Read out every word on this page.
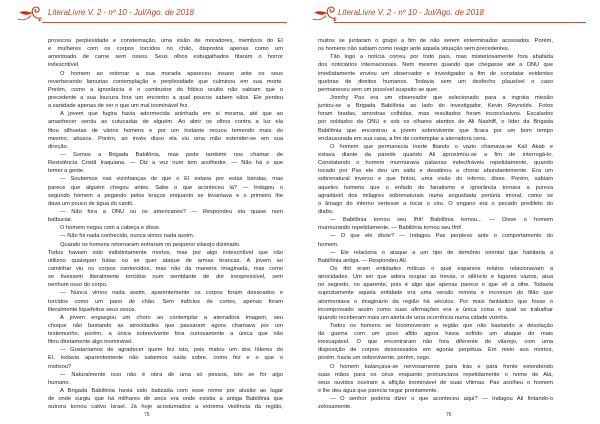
LiteraLivre V. 2 - nº 10 - Jul/Ago. de 2018
provocou perplexidade e consternação, uma visão de moradores, membros do EI
e mulheres com os corpos torcidos no chão, dispostos apenas como um
amontoado de carne sem ossos. Seus olhos esbugalhados fitaram o horror
indescritível.
O homem ao retornar a sua morada apareceu insano ante os seus
reverberando lamurias contemplação e perplexidade que culminou em sua morte.
Porém, como a ignorância é o combustor do fóbico oculto não sabiam que o
precedente a sua loucura fora um encontro a qual poucos sabem sãos. Ele perdeu
a sanidade apenas de ver o que um mal inominável fez.
A jovem que fugira havia adormecida aninhada em si mesma, até que ao
amanhecer sentiu as cutucadas de alguém. Ao abrir os olhos contra a luz ela
fitou silhuetas de vários homens e por um instante recuou temendo mais do
mesmo, abusos. Porém, ao invés disso ela viu uma mão estender-se em sua
direção.
— Somos a Brigada Babilônia, mas pode também nos chamar de
Resistência Cristã Iraquiana. — Diz a voz num tom acolhedor. — Não há o que
temer a gente.
— Soubemos nas vizinhanças de que o EI estava por estas bandas, mas
parece que alguém chegou antes. Sabe o que aconteceu lá? — Indagou o
segundo homem a pegando pelos braços enquanto se levantava e o primeiro lhe
dava um pouco de água do cantil.
— Não fora a ONU ou os americanos? — Respondeu ela quase num
balbuciar.
O homem negou com a cabeça e disse.
— Não foi nada conhecido, nunca vimos nada assim.
Quando os homens retornaram entraram no pequeno vilarejo dizimado.
Todos haviam sido indistintamente mortos, mas por algo indescritível que não
utilizou quaisquer balas ou se quer ataque de armas brancas. A jovem ao
caminhar viu os corpos contorcidos, mas não da maneira imaginada, mas como
se tivessem literalmente torcidos num semblante de dor inexpressível, sem
nenhum osso do corpo.
— Nunca vimos nada assim, aparentemente os corpos foram dessoados e
torcidos como um pano de chão. Sem indícios de cortes, apenas foram
literalmente liquefeitos seus ossos.
A jovem engasgou um choro ao contemplar a aterradora imagem, seu
choque não bastando as atrocidades que passaram agora chamava por um
testemunho, porém, a única sobrevivente fora curiosamente a única que não
fitou diretamente algo inominável.
— Gostaríamos de agradecer quem fez isto, pois matou um dos líderes do
EI, todavia aparentemente não sabemos nada sobre, como fez e o que o
motivou?
— Naturalmente isso não é obra de uma só pessoa, isto se for algo
humano.
A Brigada Babilônia havia sido batizada com esse nome por alusão ao lugar
de onde surgiu que há milhares de anos era onde existia a antiga Babilônia que
outrora tornou cativo Israel. Já hoje acostumados a extrema violência da região,
75
LiteraLivre V. 2 - nº 10 - Jul/Ago. de 2018
muitos se juntaram o grupo a fim de não serem exterminados acossados. Porém,
os homens não sabiam como reagir ante aquela situação sem precedentes.
Tão logo a notícia correu por todo país, mas misteriosamente fora abafada
dos noticiários internacionais. Nem mesmo quando que chegasse até a ONU que
imediatamente enviou um observador e investigador a fim de constatar evidentes
quebras de direitos humanos. Todavia sem um desfecho plausível o caso
permaneceu sem um possível suspeito se quer.
Jonnhy Pax era um observador que selecionado para a ingrata missão
juntou-se a Brigada Babilônia ao lado do investigador, Kevin Reynolds. Fotos
foram tiradas, amostras colhidas, mas resultados foram inconclusivos. Escalados
por soldados da ONU e sob os olhares atentos de Ali Nashiff, o líder da Brigada
Babilônia que encontrou a jovem sobrevivente que ficara por um bom tempo
enclausurada em sua casa, a fim de contemplar a aterradora cena.
O homem que permanecia inerte fitando o vazio chamava-se Kali Akab e
estava diante da parede quando Ali aproximou-se a fim de interrogá-lo.
Constatando o homem murmurava palavras indecifráveis repetidamente, quando
tocado por Pax ele deu um salto e desatinou a chorar abundantemente. Era um
sobrenatural inverso e que fintou, uma visão do inferno, disse. Porém, sabiam
aqueles homens que o enfado do fanatismo e ignorância tornara a pureza
agradável dos milagres sobrenaturais numa angustiada penúria imoral, como se
o âmago do inferno vertesse a tocar o céu. O engano era o pecado predileto do
diabo.
— Babilônia tornou seu Ifrit! Babilônia tornou... — Disse o homem
murmurando repetidamente. — Babilônia tornou seu Ifrit!
— O que ele disse? — Indagou Pax perplexo ante o comportamento do
homem.
— Ele relaciona o ataque a um tipo de demônio oriental que habitaria a
Babilônia antiga. — Respondeu Ali.
Os ifrit eram entidades míticas o qual esparsos relatos relacionavam a
atrocidades. Um ser que adora ocupar as trevas, o silêncio e lugares vazios, atua
no segredo, no aparente, pois é algo que apenas parece o que vê a olhe. Todavia
supostamente aquela entidade era uma versão remota e incomum do filão que
atormentava o imaginário da região há séculos. Por mais fantástico que fosse o
incomprovado assim como suas afirmações era a única coisa o qual se trabalhar
quando receberam mais um alerta de uma ocorrência numa cidade vizinha.
Todos os homens se locomoveram a região que não bastando a desolação
da guerra com um povo aflito agora havia sofrido um ataque do mais
inescapável. O que encontraram não fora diferente do vilarejo, com uma
disposição de corpos dessossados em agonia perpétua. Em meio aos mortos,
porém, havia um sobrevivente, porém, cego.
O homem balançava-se nervosamente para trás e para frente estendendo
suas mãos para os céus enquanto pronunciava repetidamente o nome de Alá,
seus ouvidos ouviram a aflição inominável de suas vítimas. Pax acolheu o homem
e lhe deu água que parecia negar prontamente.
— O senhor poderia dizer o que aconteceu aqui? — Indagou Ali fintando-o
zelosamente.
76
